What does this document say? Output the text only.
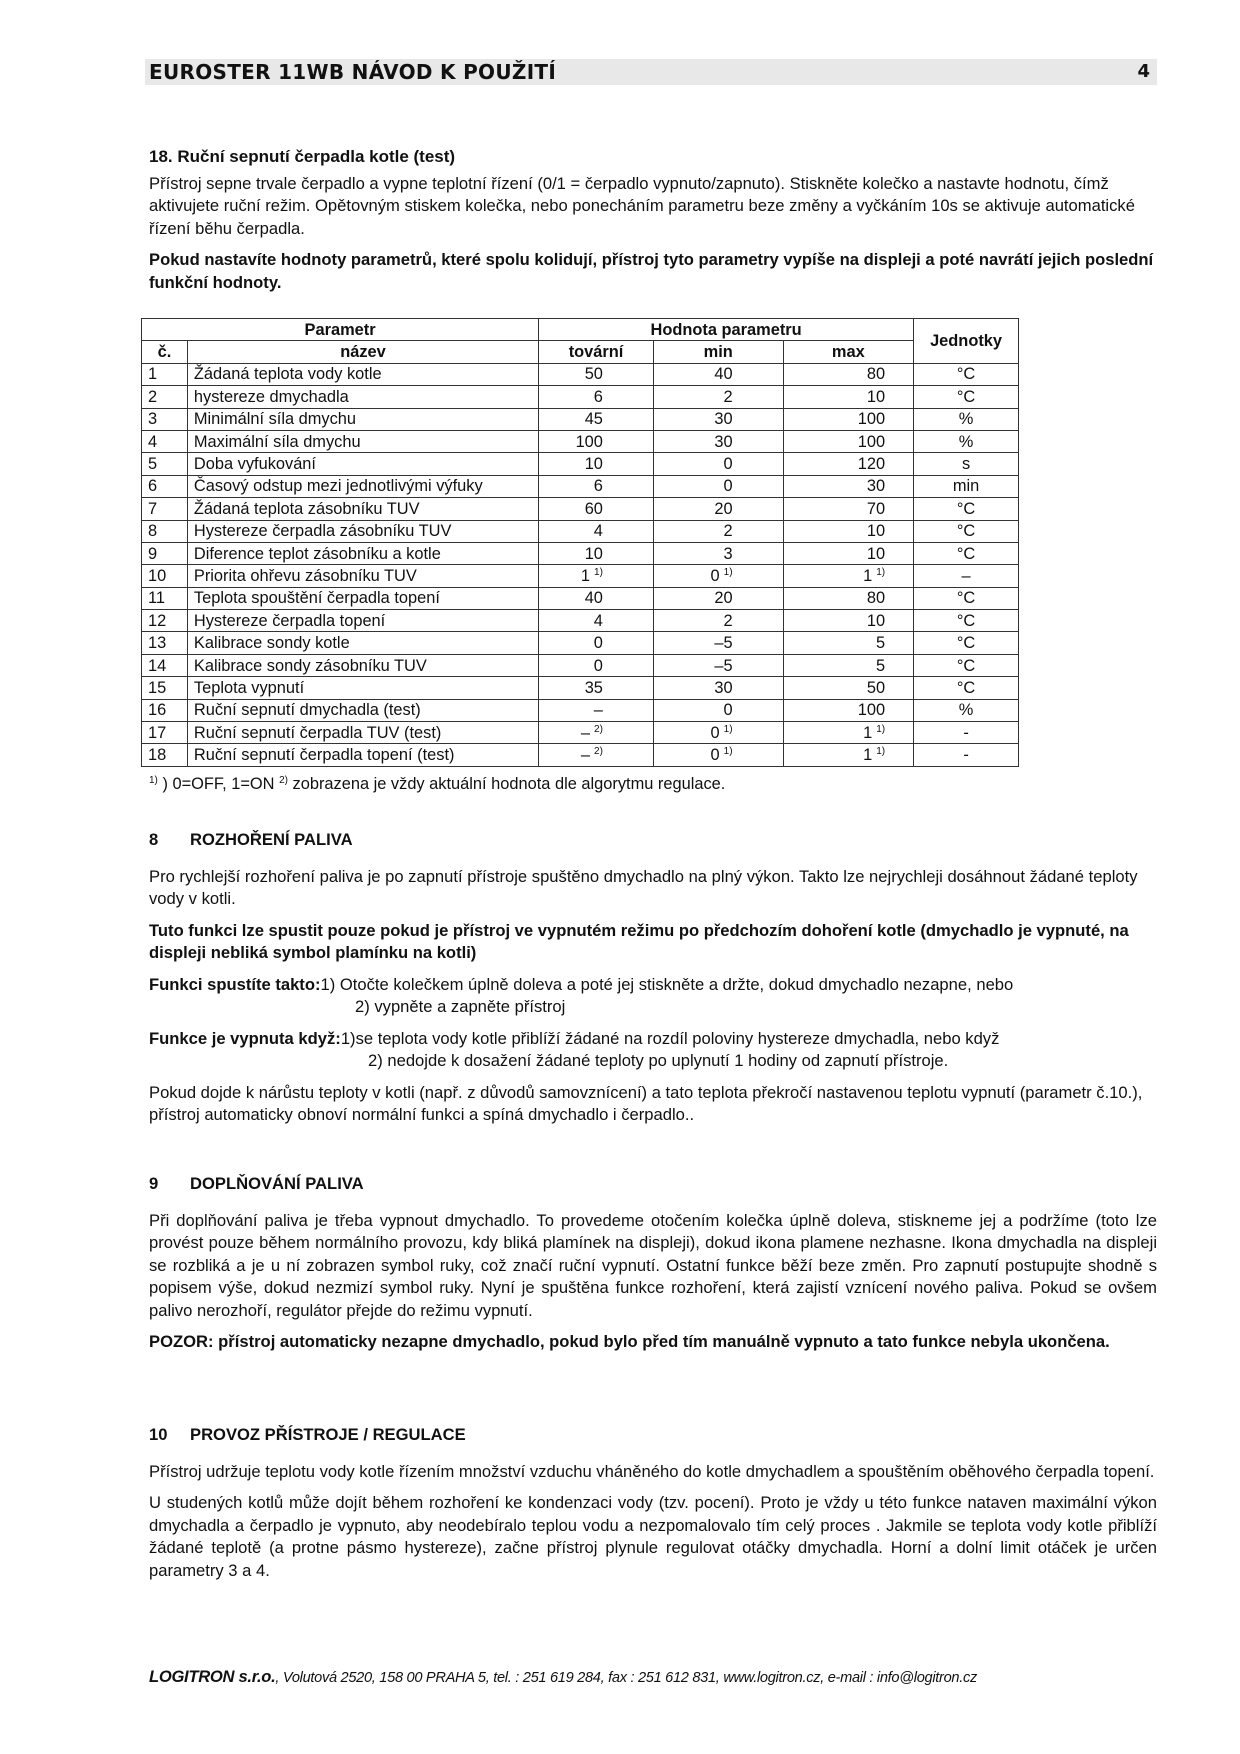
EUROSTER 11WB NÁVOD K POUŽITÍ	4

18. Ruční sepnutí čerpadla kotle (test)

Přístroj sepne trvale čerpadlo a vypne teplotní řízení (0/1 = čerpadlo vypnuto/zapnuto). Stiskněte kolečko a nastavte hodnotu, čímž aktivujete ruční režim. Opětovným stiskem kolečka, nebo ponecháním parametru beze změny a vyčkáním 10s se aktivuje automatické řízení běhu čerpadla.

Pokud nastavíte hodnoty parametrů, které spolu kolidují, přístroj tyto parametry vypíše na displeji a poté navrátí jejich poslední funkční hodnoty.

Parametr		Hodnota parametru			Jednotky
č.	název	tovární	min	max	
1	Žádaná teplota vody kotle	50	40	80	°C
2	hystereze dmychadla	6	2	10	°C
3	Minimální síla dmychu	45	30	100	%
4	Maximální síla dmychu	100	30	100	%
5	Doba vyfukování	10	0	120	s
6	Časový odstup mezi jednotlivými výfuky	6	0	30	min
7	Žádaná teplota zásobníku TUV	60	20	70	°C
8	Hystereze čerpadla zásobníku TUV	4	2	10	°C
9	Diference teplot zásobníku a kotle	10	3	10	°C
10	Priorita ohřevu zásobníku TUV	1 $^{1)}$	0 $^{1)}$	1 $^{1)}$	–
11	Teplota spouštění čerpadla topení	40	20	80	°C
12	Hystereze čerpadla topení	4	2	10	°C
13	Kalibrace sondy kotle	0	–5	5	°C
14	Kalibrace sondy zásobníku TUV	0	–5	5	°C
15	Teplota vypnutí	35	30	50	°C
16	Ruční sepnutí dmychadla (test)	–	0	100	%
17	Ruční sepnutí čerpadla TUV (test)	– $^{2)}$	0 $^{1)}$	1 $^{1)}$	-
18	Ruční sepnutí čerpadla topení (test)	– $^{2)}$	0 $^{1)}$	1 $^{1)}$	-
$^{1)}$ ) 0=OFF, 1=ON $^{2)}$ zobrazena je vždy aktuální hodnota dle algorytmu regulace.

8 ROZHOŘENÍ PALIVA

Pro rychlejší rozhoření paliva je po zapnutí přístroje spuštěno dmychadlo na plný výkon. Takto lze nejrychleji dosáhnout žádané teploty vody v kotli.

Tuto funkci lze spustit pouze pokud je přístroj ve vypnutém režimu po předchozím dohoření kotle (dmychadlo je vypnuté, na displeji nebliká symbol plamínku na kotli)

Funkci spustíte takto: 1) Otočte kolečkem úplně doleva a poté jej stiskněte a držte, dokud dmychadlo nezapne, nebo

2) vypněte a zapněte přístroj

Funkce je vypnuta když: 1)se teplota vody kotle přiblíží žádané na rozdíl poloviny hystereze dmychadla, nebo když

2) nedojde k dosažení žádané teploty po uplynutí 1 hodiny od zapnutí přístroje.

Pokud dojde k nárůstu teploty v kotli (např. z důvodů samovznícení) a tato teplota překročí nastavenou teplotu vypnutí (parametr č.10.), přístroj automaticky obnoví normální funkci a spíná dmychadlo i čerpadlo..

9 DOPLŇOVÁNÍ PALIVA

Při doplňování paliva je třeba vypnout dmychadlo. To provedeme otočením kolečka úplně doleva, stiskneme jej a podržíme (toto lze provést pouze během normálního provozu, kdy bliká plamínek na displeji), dokud ikona plamene nezhasne. Ikona dmychadla na displeji se rozbliká a je u ní zobrazen symbol ruky, což značí ruční vypnutí. Ostatní funkce běží beze změn. Pro zapnutí postupujte shodně s popisem výše, dokud nezmizí symbol ruky. Nyní je spuštěna funkce rozhoření, která zajistí vznícení nového paliva. Pokud se ovšem palivo nerozhoří, regulátor přejde do režimu vypnutí.

POZOR: přístroj automaticky nezapne dmychadlo, pokud bylo před tím manuálně vypnuto a tato funkce nebyla ukončena.

10 PROVOZ PŘÍSTROJE / REGULACE

Přístroj udržuje teplotu vody kotle řízením množství vzduchu vháněného do kotle dmychadlem a spouštěním oběhového čerpadla topení.

U studených kotlů může dojít během rozhoření ke kondenzaci vody (tzv. pocení). Proto je vždy u této funkce nataven maximální výkon dmychadla a čerpadlo je vypnuto, aby neodebíralo teplou vodu a nezpomalovalo tím celý proces . Jakmile se teplota vody kotle přiblíží žádané teplotě (a protne pásmo hystereze), začne přístroj plynule regulovat otáčky dmychadla. Horní a dolní limit otáček je určen parametry 3 a 4.

LOGITRON s.r.o., Volutová 2520, 158 00 PRAHA 5, tel. : 251 619 284, fax : 251 612 831, www.logitron.cz, e-mail : info@logitron.cz
